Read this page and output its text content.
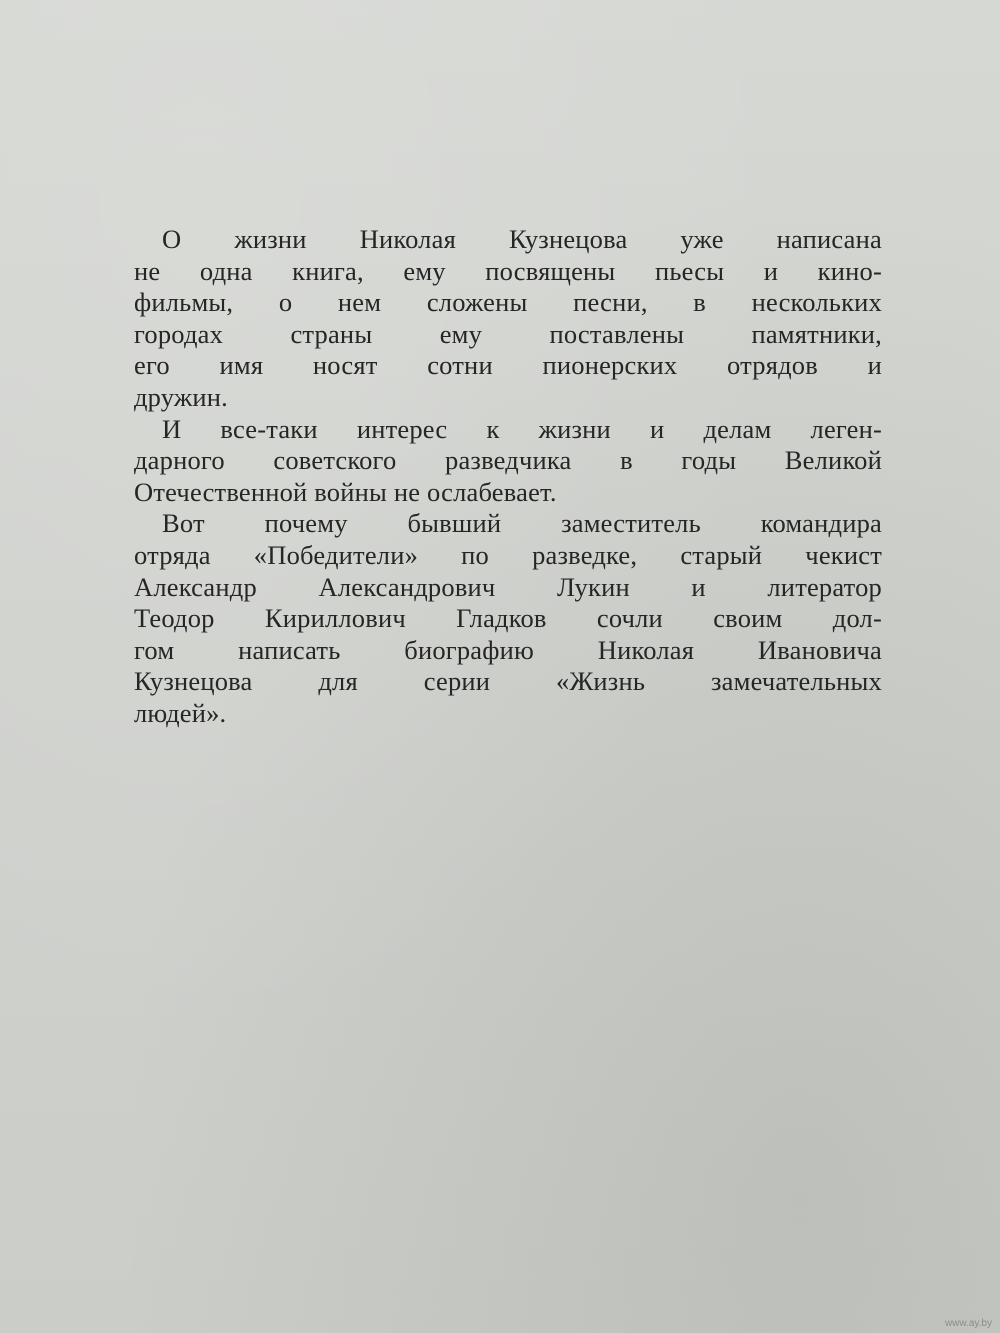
О жизни Николая Кузнецова уже написана
не одна книга, ему посвящены пьесы и кино-
фильмы, о нем сложены песни, в нескольких
городах страны ему поставлены памятники,
его имя носят сотни пионерских отрядов и
дружин.
И все-таки интерес к жизни и делам леген-
дарного советского разведчика в годы Великой
Отечественной войны не ослабевает.
Вот почему бывший заместитель командира
отряда «Победители» по разведке, старый чекист
Александр Александрович Лукин и литератор
Теодор Кириллович Гладков сочли своим дол-
гом написать биографию Николая Ивановича
Кузнецова для серии «Жизнь замечательных
людей».
www.ay.by
